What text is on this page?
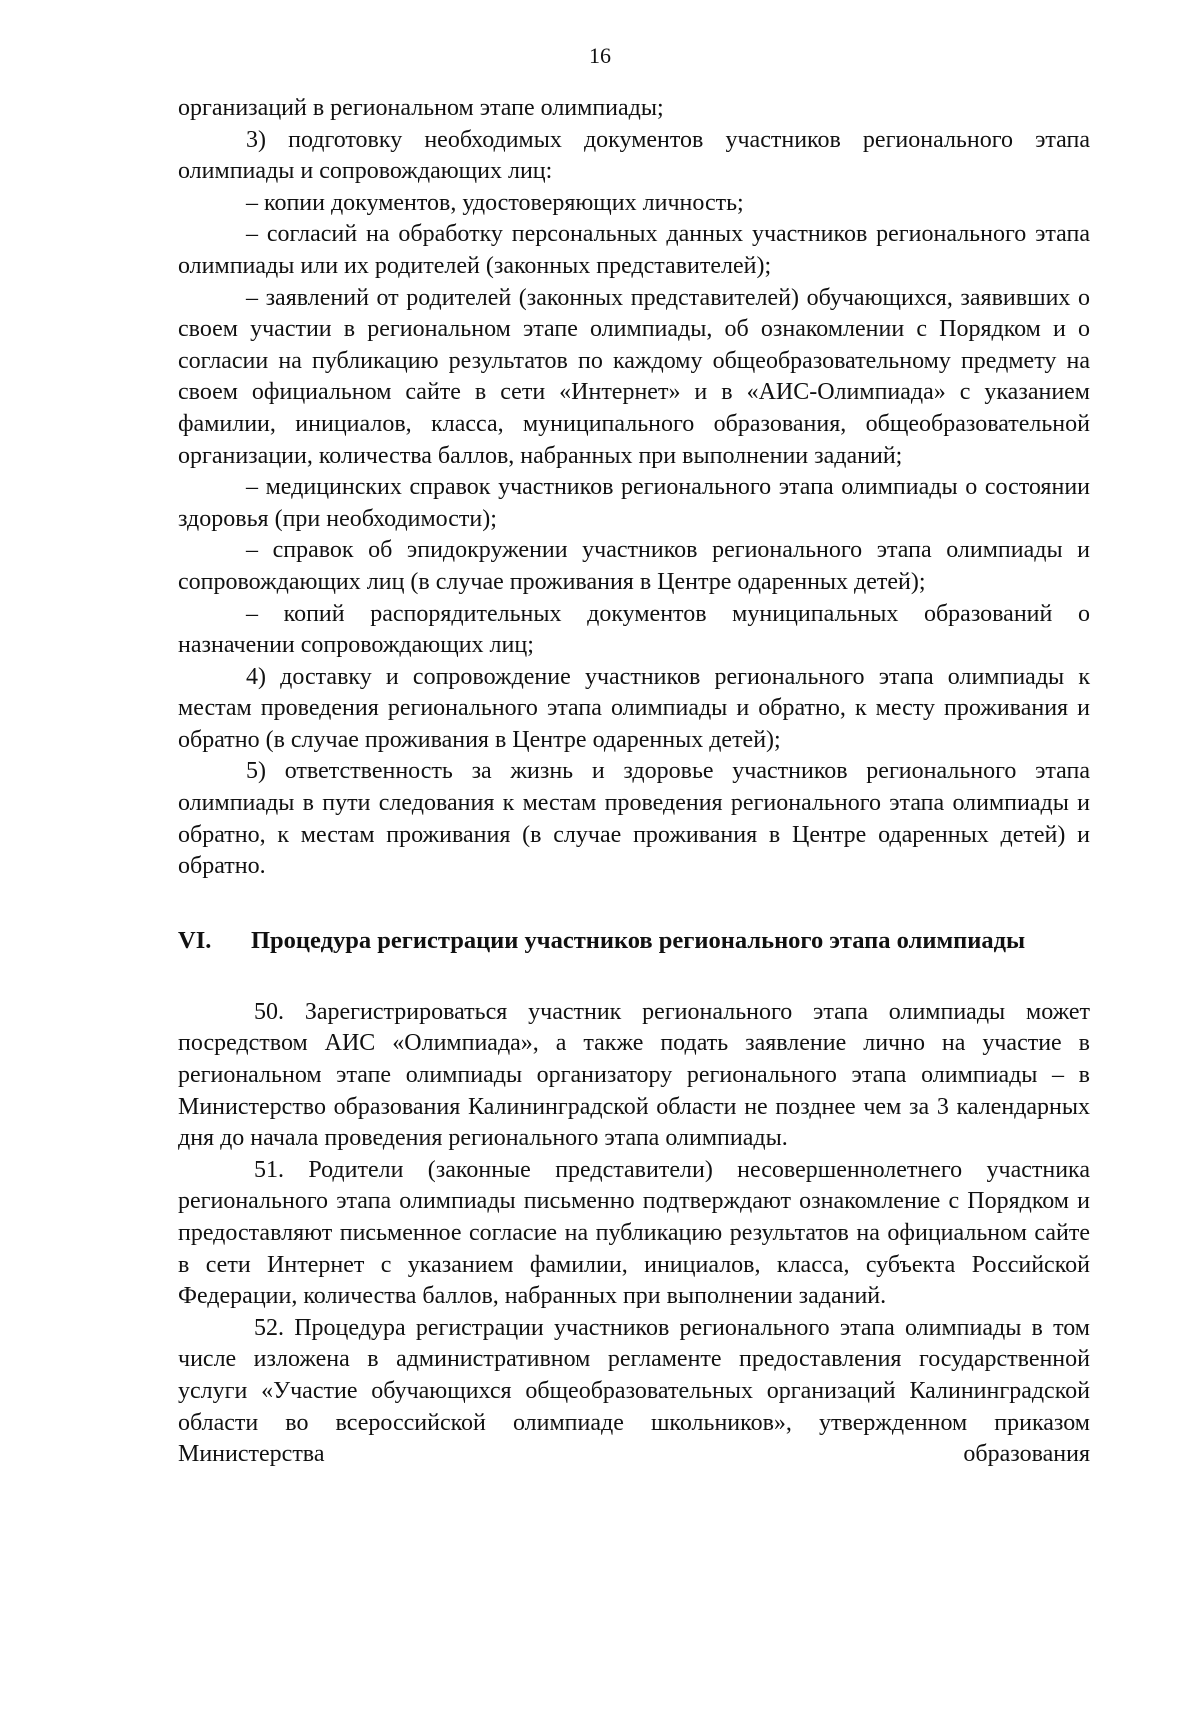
16

организаций в региональном этапе олимпиады;

3) подготовку необходимых документов участников регионального этапа олимпиады и сопровождающих лиц:

– копии документов, удостоверяющих личность;

– согласий на обработку персональных данных участников регионального этапа олимпиады или их родителей (законных представителей);

– заявлений от родителей (законных представителей) обучающихся, заявивших о своем участии в региональном этапе олимпиады, об ознакомлении с Порядком и о согласии на публикацию результатов по каждому общеобразовательному предмету на своем официальном сайте в сети «Интернет» и в «АИС-Олимпиада» с указанием фамилии, инициалов, класса, муниципального образования, общеобразовательной организации, количества баллов, набранных при выполнении заданий;

– медицинских справок участников регионального этапа олимпиады о состоянии здоровья (при необходимости);

– справок об эпидокружении участников регионального этапа олимпиады и сопровождающих лиц (в случае проживания в Центре одаренных детей);

– копий распорядительных документов муниципальных образований о назначении сопровождающих лиц;

4) доставку и сопровождение участников регионального этапа олимпиады к местам проведения регионального этапа олимпиады и обратно, к месту проживания и обратно (в случае проживания в Центре одаренных детей);

5) ответственность за жизнь и здоровье участников регионального этапа олимпиады в пути следования к местам проведения регионального этапа олимпиады и обратно, к местам проживания (в случае проживания в Центре одаренных детей) и обратно.

VI.	Процедура регистрации участников регионального этапа олимпиады

50. Зарегистрироваться участник регионального этапа олимпиады может посредством АИС «Олимпиада», а также подать заявление лично на участие в региональном этапе олимпиады организатору регионального этапа олимпиады – в Министерство образования Калининградской области не позднее чем за 3 календарных дня до начала проведения регионального этапа олимпиады.

51. Родители (законные представители) несовершеннолетнего участника регионального этапа олимпиады письменно подтверждают ознакомление с Порядком и предоставляют письменное согласие на публикацию результатов на официальном сайте в сети Интернет с указанием фамилии, инициалов, класса, субъекта Российской Федерации, количества баллов, набранных при выполнении заданий.

52. Процедура регистрации участников регионального этапа олимпиады в том числе изложена в административном регламенте предоставления государственной услуги «Участие обучающихся общеобразовательных организаций Калининградской области во всероссийской олимпиаде школьников», утвержденном приказом Министерства образования
